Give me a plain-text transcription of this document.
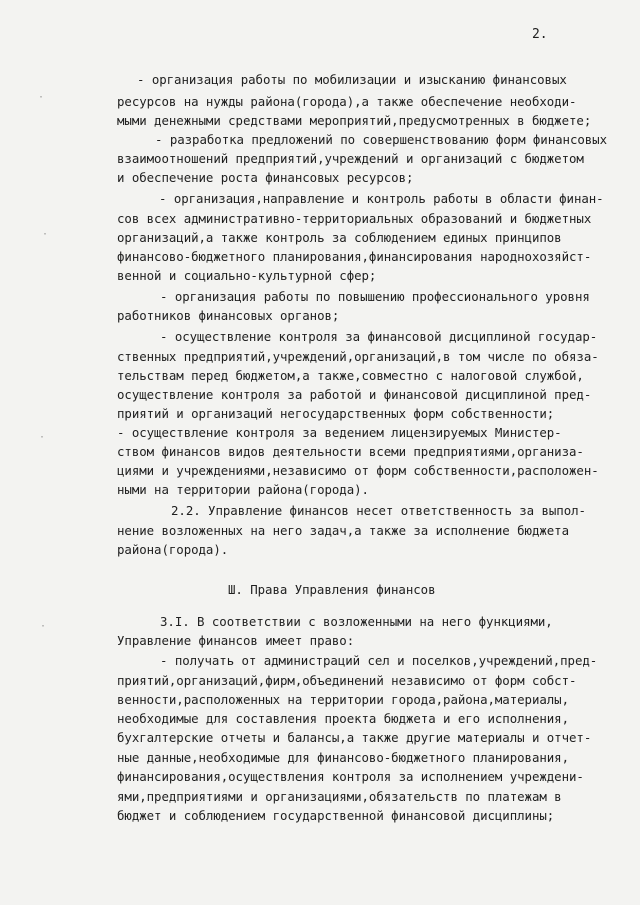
2.
·
·
·
·
- организация работы по мобилизации и изысканию финансовых
ресурсов на нужды района(города),а также обеспечение необходи-
мыми денежными средствами мероприятий,предусмотренных в бюджете;
- разработка предложений по совершенствованию форм финансовых
взаимоотношений предприятий,учреждений и организаций с бюджетом
и обеспечение роста финансовых ресурсов;
- организация,направление и контроль работы в области финан-
сов всех административно-территориальных образований и бюджетных
организаций,а также контроль за соблюдением единых принципов
финансово-бюджетного планирования,финансирования народнохозяйст-
венной и социально-культурной сфер;
- организация работы по повышению профессионального уровня
работников финансовых органов;
- осуществление контроля за финансовой дисциплиной государ-
ственных предприятий,учреждений,организаций,в том числе по обяза-
тельствам перед бюджетом,а также,совместно с налоговой службой,
осуществление контроля за работой и финансовой дисциплиной пред-
приятий и организаций негосударственных форм собственности;
- осуществление контроля за ведением лицензируемых Министер-
ством финансов видов деятельности всеми предприятиями,организа-
циями и учреждениями,независимо от форм собственности,расположен-
ными на территории района(города).
2.2. Управление финансов несет ответственность за выпол-
нение возложенных на него задач,а также за исполнение бюджета
района(города).
Ш. Права Управления финансов
3.I. В соответствии с возложенными на него функциями,
Управление финансов имеет право:
- получать от администраций сел и поселков,учреждений,пред-
приятий,организаций,фирм,объединений независимо от форм собст-
венности,расположенных на территории города,района,материалы,
необходимые для составления проекта бюджета и его исполнения,
бухгалтерские отчеты и балансы,а также другие материалы и отчет-
ные данные,необходимые для финансово-бюджетного планирования,
финансирования,осуществления контроля за исполнением учреждени-
ями,предприятиями и организациями,обязательств по платежам в
бюджет и соблюдением государственной финансовой дисциплины;
